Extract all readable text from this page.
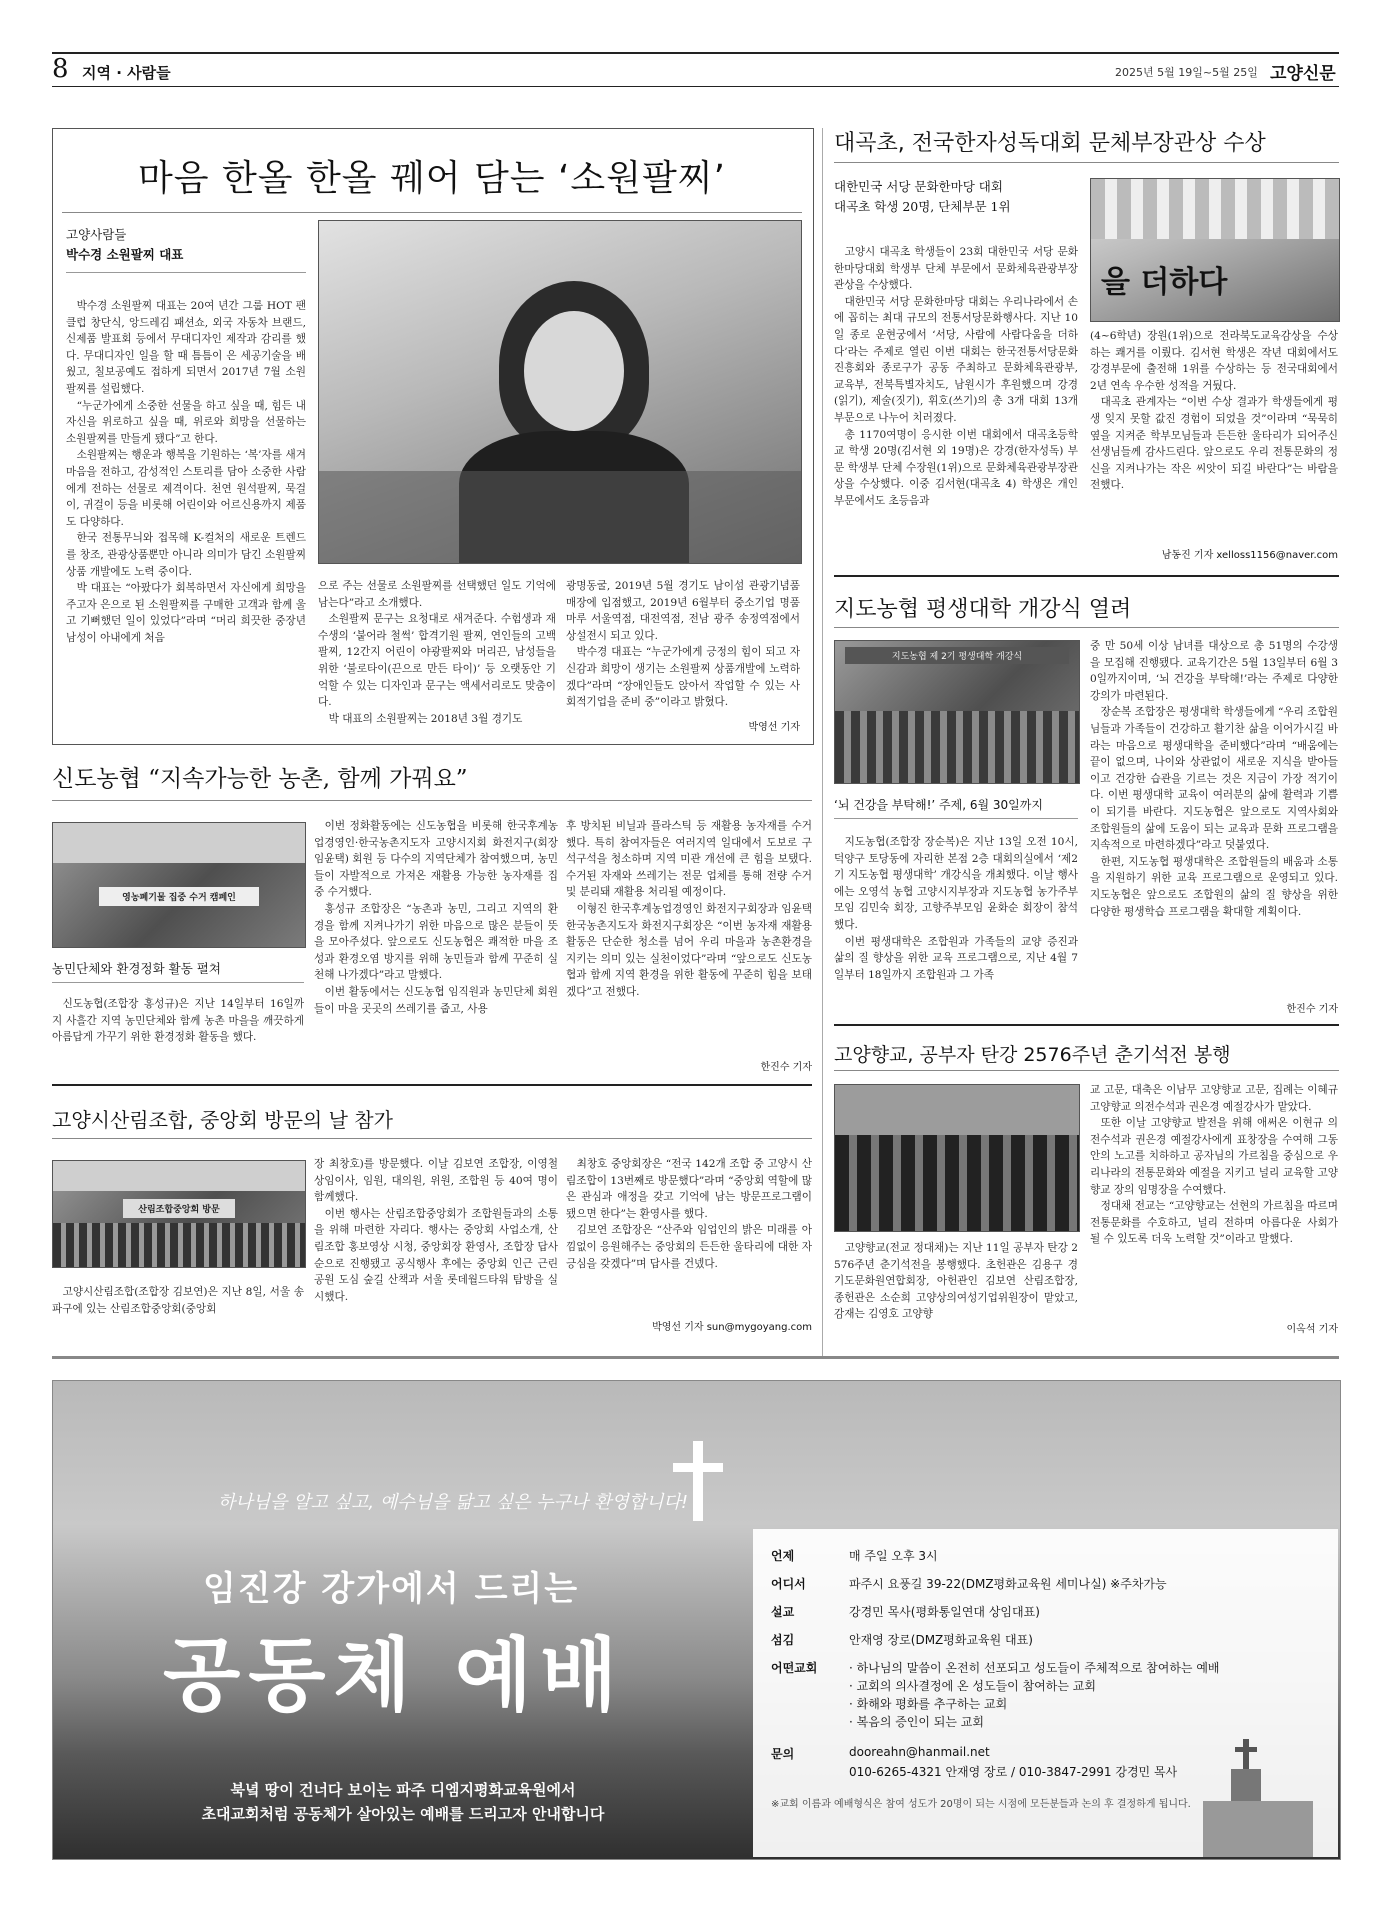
8 지역 · 사람들	2025년 5월 19일~5월 25일 고양신문
마음 한올 한올 꿰어 담는 ‘소원팔찌’
고양사람들
박수경 소원팔찌 대표

박수경 소원팔찌 대표는 20여 년간 그룹 HOT 팬클럽 창단식, 앙드레김 패션쇼, 외국 자동차 브랜드, 신제품 발표회 등에서 무대디자인 제작과 감리를 했다. 무대디자인 일을 할 때 틈틈이 은 세공기술을 배웠고, 칠보공예도 접하게 되면서 2017년 7월 소원팔찌를 설립했다.

“누군가에게 소중한 선물을 하고 싶을 때, 힘든 내 자신을 위로하고 싶을 때, 위로와 희망을 선물하는 소원팔찌를 만들게 됐다”고 한다.

소원팔찌는 행운과 행복을 기원하는 ‘복’자를 새겨 마음을 전하고, 감성적인 스토리를 담아 소중한 사람에게 전하는 선물로 제격이다. 천연 원석팔찌, 묵걸이, 귀걸이 등을 비롯해 어린이와 어르신용까지 제품도 다양하다.

한국 전통무늬와 접목해 K-컬처의 새로운 트렌드를 창조, 관광상품뿐만 아니라 의미가 담긴 소원팔찌 상품 개발에도 노력 중이다.

박 대표는 “아팠다가 회복하면서 자신에게 희망을 주고자 은으로 된 소원팔찌를 구매한 고객과 함께 울고 기뻐했던 일이 있었다”라며 “머리 희끗한 중장년 남성이 아내에게 처음

으로 주는 선물로 소원팔찌를 선택했던 일도 기억에 남는다”라고 소개했다.

소원팔찌 문구는 요청대로 새겨준다. 수험생과 재수생의 ‘붙어라 철썩’ 합격기원 팔찌, 연인들의 고백팔찌, 12간지 어린이 야광팔찌와 머리끈, 남성들을 위한 ‘불로타이(끈으로 만든 타이)’ 등 오랫동안 기억할 수 있는 디자인과 문구는 액세서리로도 맞춤이다.

박 대표의 소원팔찌는 2018년 3월 경기도

광명동굴, 2019년 5월 경기도 남이섬 관광기념품 매장에 입점했고, 2019년 6월부터 중소기업 명품마루 서울역점, 대전역점, 전남 광주 송정역점에서 상설전시 되고 있다.

박수경 대표는 “누군가에게 긍정의 힘이 되고 자신감과 희망이 생기는 소원팔찌 상품개발에 노력하겠다”라며 “장애인들도 앉아서 작업할 수 있는 사회적기업을 준비 중”이라고 밝혔다.

박영선 기자
대곡초, 전국한자성독대회 문체부장관상 수상
대한민국 서당 문화한마당 대회
대곡초 학생 20명, 단체부문 1위
을 더하다

고양시 대곡초 학생들이 23회 대한민국 서당 문화한마당대회 학생부 단체 부문에서 문화체육관광부장관상을 수상했다.

대한민국 서당 문화한마당 대회는 우리나라에서 손에 꼽히는 최대 규모의 전통서당문화행사다. 지난 10일 종로 운현궁에서 ‘서당, 사람에 사람다움을 더하다’라는 주제로 열린 이번 대회는 한국전통서당문화진흥회와 종로구가 공동 주최하고 문화체육관광부, 교육부, 전북특별자치도, 남원시가 후원했으며 강경(읽기), 제술(짓기), 휘호(쓰기)의 총 3개 대회 13개 부문으로 나누어 치러졌다.

총 1170여명이 응시한 이번 대회에서 대곡초등학교 학생 20명(김서현 외 19명)은 강경(한자성독) 부문 학생부 단체 수장원(1위)으로 문화체육관광부장관상을 수상했다. 이중 김서현(대곡초 4) 학생은 개인 부문에서도 초등음과

(4~6학년) 장원(1위)으로 전라북도교육감상을 수상하는 쾌거를 이뤘다. 김서현 학생은 작년 대회에서도 강경부문에 출전해 1위를 수상하는 등 전국대회에서 2년 연속 우수한 성적을 거뒀다.

대곡초 관계자는 “이번 수상 결과가 학생들에게 평생 잊지 못할 값진 경험이 되었을 것”이라며 “묵묵히 옆을 지켜준 학부모님들과 든든한 울타리가 되어주신 선생님들께 감사드린다. 앞으로도 우리 전통문화의 정신을 지켜나가는 작은 씨앗이 되길 바란다”는 바람을 전했다.

남동진 기자 xelloss1156@naver.com
지도농협 평생대학 개강식 열려
지도농협 제 2기 평생대학 개강식
‘뇌 건강을 부탁해!’ 주제, 6월 30일까지

지도농협(조합장 장순복)은 지난 13일 오전 10시, 덕양구 토당동에 자리한 본점 2층 대회의실에서 ‘제2기 지도농협 평생대학’ 개강식을 개최했다. 이날 행사에는 오영석 농협 고양시지부장과 지도농협 농가주부모임 김민숙 회장, 고향주부모임 윤화순 회장이 참석했다.

이번 평생대학은 조합원과 가족들의 교양 증진과 삶의 질 향상을 위한 교육 프로그램으로, 지난 4월 7일부터 18일까지 조합원과 그 가족

중 만 50세 이상 남녀를 대상으로 총 51명의 수강생을 모집해 진행됐다. 교육기간은 5월 13일부터 6월 30일까지이며, ‘뇌 건강을 부탁해!’라는 주제로 다양한 강의가 마련된다.

장순복 조합장은 평생대학 학생들에게 “우리 조합원님들과 가족들이 건강하고 활기찬 삶을 이어가시길 바라는 마음으로 평생대학을 준비했다”라며 “배움에는 끝이 없으며, 나이와 상관없이 새로운 지식을 받아들이고 건강한 습관을 기르는 것은 지금이 가장 적기이다. 이번 평생대학 교육이 여러분의 삶에 활력과 기쁨이 되기를 바란다. 지도농협은 앞으로도 지역사회와 조합원들의 삶에 도움이 되는 교육과 문화 프로그램을 지속적으로 마련하겠다”라고 덧붙였다.

한편, 지도농협 평생대학은 조합원들의 배움과 소통을 지원하기 위한 교육 프로그램으로 운영되고 있다. 지도농협은 앞으로도 조합원의 삶의 질 향상을 위한 다양한 평생학습 프로그램을 확대할 계획이다.

한진수 기자
신도농협 “지속가능한 농촌, 함께 가꿔요”
영농폐기물 집중 수거 캠페인
농민단체와 환경정화 활동 펼쳐

신도농협(조합장 홍성규)은 지난 14일부터 16일까지 사흘간 지역 농민단체와 함께 농촌 마을을 깨끗하게 아름답게 가꾸기 위한 환경정화 활동을 했다.

이번 정화활동에는 신도농협을 비롯해 한국후계농업경영인·한국농촌지도자 고양시지회 화전지구(회장 임윤택) 회원 등 다수의 지역단체가 참여했으며, 농민들이 자발적으로 가져온 재활용 가능한 농자재를 집중 수거했다.

홍성규 조합장은 “농촌과 농민, 그리고 지역의 환경을 함께 지켜나가기 위한 마음으로 많은 분들이 뜻을 모아주셨다. 앞으로도 신도농협은 쾌적한 마을 조성과 환경오염 방지를 위해 농민들과 함께 꾸준히 실천해 나가겠다”라고 말했다.

이번 활동에서는 신도농협 임직원과 농민단체 회원들이 마을 곳곳의 쓰레기를 줍고, 사용

후 방치된 비닐과 플라스틱 등 재활용 농자재를 수거했다. 특히 참여자들은 여러지역 일대에서 도보로 구석구석을 청소하며 지역 미관 개선에 큰 힘을 보탰다. 수거된 자재와 쓰레기는 전문 업체를 통해 전량 수거 및 분리돼 재활용 처리될 예정이다.

이형진 한국후계농업경영인 화전지구회장과 임윤택 한국농촌지도자 화전지구회장은 “이번 농자재 재활용 활동은 단순한 청소를 넘어 우리 마을과 농촌환경을 지키는 의미 있는 실천이었다”라며 “앞으로도 신도농협과 함께 지역 환경을 위한 활동에 꾸준히 힘을 보태겠다”고 전했다.

한진수 기자
고양향교, 공부자 탄강 2576주년 춘기석전 봉행

고양향교(전교 정대채)는 지난 11일 공부자 탄강 2576주년 춘기석전을 봉행했다. 초헌관은 김용구 경기도문화원연합회장, 아헌관인 김보연 산림조합장, 종헌관은 소순희 고양상의여성기업위원장이 맡았고, 감재는 김영호 고양향

교 고문, 대축은 이남무 고양향교 고문, 집례는 이혜규 고양향교 의전수석과 권은경 예절강사가 맡았다.

또한 이날 고양향교 발전을 위해 애써온 이현규 의전수석과 권은경 예절강사에게 표창장을 수여해 그동안의 노고를 치하하고 공자님의 가르침을 중심으로 우리나라의 전통문화와 예절을 지키고 널리 교육할 고양향교 장의 임명장을 수여했다.

정대채 전교는 “고양향교는 선현의 가르침을 따르며 전통문화를 수호하고, 널리 전하며 아름다운 사회가 될 수 있도록 더욱 노력할 것”이라고 말했다.

이옥석 기자
고양시산림조합, 중앙회 방문의 날 참가
산림조합중앙회 방문

고양시산림조합(조합장 김보연)은 지난 8일, 서울 송파구에 있는 산림조합중앙회(중앙회

장 최창호)를 방문했다. 이날 김보연 조합장, 이영철 상임이사, 임원, 대의원, 위원, 조합원 등 40여 명이 함께했다.

이번 행사는 산림조합중앙회가 조합원들과의 소통을 위해 마련한 자리다. 행사는 중앙회 사업소개, 산림조합 홍보영상 시청, 중앙회장 환영사, 조합장 답사 순으로 진행됐고 공식행사 후에는 중앙회 인근 근린공원 도심 숲길 산책과 서울 롯데월드타워 탐방을 실시했다.

최창호 중앙회장은 “전국 142개 조합 중 고양시 산림조합이 13번째로 방문했다”라며 “중앙회 역할에 많은 관심과 애정을 갖고 기억에 남는 방문프로그램이 됐으면 한다”는 환영사를 했다.

김보연 조합장은 “산주와 임업인의 밝은 미래를 아낌없이 응원해주는 중앙회의 든든한 울타리에 대한 자긍심을 갖겠다”며 답사를 건넸다.

박영선 기자 sun@mygoyang.com
하나님을 알고 싶고, 예수님을 닮고 싶은 누구나 환영합니다!
임진강 강가에서 드리는
공동체 예배
북녘 땅이 건너다 보이는 파주 디엠지평화교육원에서
초대교회처럼 공동체가 살아있는 예배를 드리고자 안내합니다
언제	매 주일 오후 3시
어디서	파주시 요풍길 39-22(DMZ평화교육원 세미나실) ※주차가능
설교	강경민 목사(평화통일연대 상임대표)
섬김	안재영 장로(DMZ평화교육원 대표)
어떤교회	· 하나님의 말씀이 온전히 선포되고 성도들이 주체적으로 참여하는 예배
· 교회의 의사결정에 온 성도들이 참여하는 교회
· 화해와 평화를 추구하는 교회
· 복음의 증인이 되는 교회
문의	dooreahn@hanmail.net
010-6265-4321 안재영 장로 / 010-3847-2991 강경민 목사
※교회 이름과 예배형식은 참여 성도가 20명이 되는 시점에 모든분들과 논의 후 결정하게 됩니다.
